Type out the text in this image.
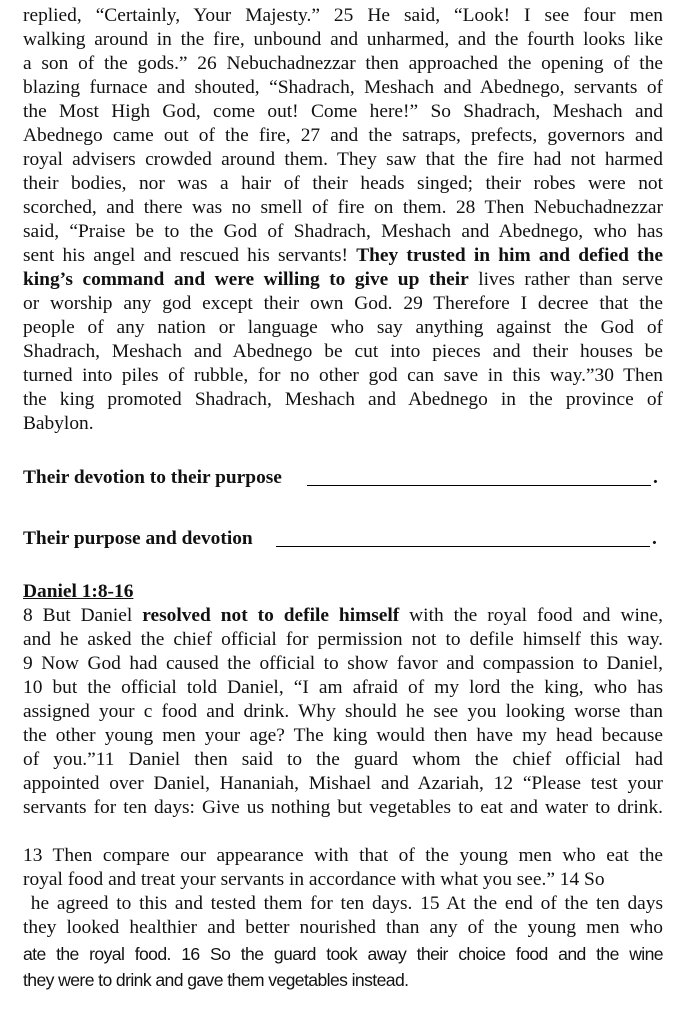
replied, “Certainly, Your Majesty.” 25 He said, “Look! I see four men
walking around in the fire, unbound and unharmed, and the fourth looks like
a son of the gods.” 26 Nebuchadnezzar then approached the opening of the
blazing furnace and shouted, “Shadrach, Meshach and Abednego, servants of
the Most High God, come out! Come here!” So Shadrach, Meshach and
Abednego came out of the fire, 27 and the satraps, prefects, governors and
royal advisers crowded around them. They saw that the fire had not harmed
their bodies, nor was a hair of their heads singed; their robes were not
scorched, and there was no smell of fire on them. 28 Then Nebuchadnezzar
said, “Praise be to the God of Shadrach, Meshach and Abednego, who has
sent his angel and rescued his servants! They trusted in him and defied the
king’s command and were willing to give up their lives rather than serve
or worship any god except their own God. 29 Therefore I decree that the
people of any nation or language who say anything against the God of
Shadrach, Meshach and Abednego be cut into pieces and their houses be
turned into piles of rubble, for no other god can save in this way.”30 Then
the king promoted Shadrach, Meshach and Abednego in the province of
Babylon.
Their devotion to their purpose	.
Their purpose and devotion	.
Daniel 1:8-16
8 But Daniel resolved not to defile himself with the royal food and wine,
and he asked the chief official for permission not to defile himself this way.
9 Now God had caused the official to show favor and compassion to Daniel,
10 but the official told Daniel, “I am afraid of my lord the king, who has
assigned your c food and drink. Why should he see you looking worse than
the other young men your age? The king would then have my head because
of you.”11 Daniel then said to the guard whom the chief official had
appointed over Daniel, Hananiah, Mishael and Azariah, 12 “Please test your
servants for ten days: Give us nothing but vegetables to eat and water to drink.
13 Then compare our appearance with that of the young men who eat the
royal food and treat your servants in accordance with what you see.” 14 So
he agreed to this and tested them for ten days. 15 At the end of the ten days
they looked healthier and better nourished than any of the young men who
ate the royal food. 16 So the guard took away their choice food and the wine
they were to drink and gave them vegetables instead.
